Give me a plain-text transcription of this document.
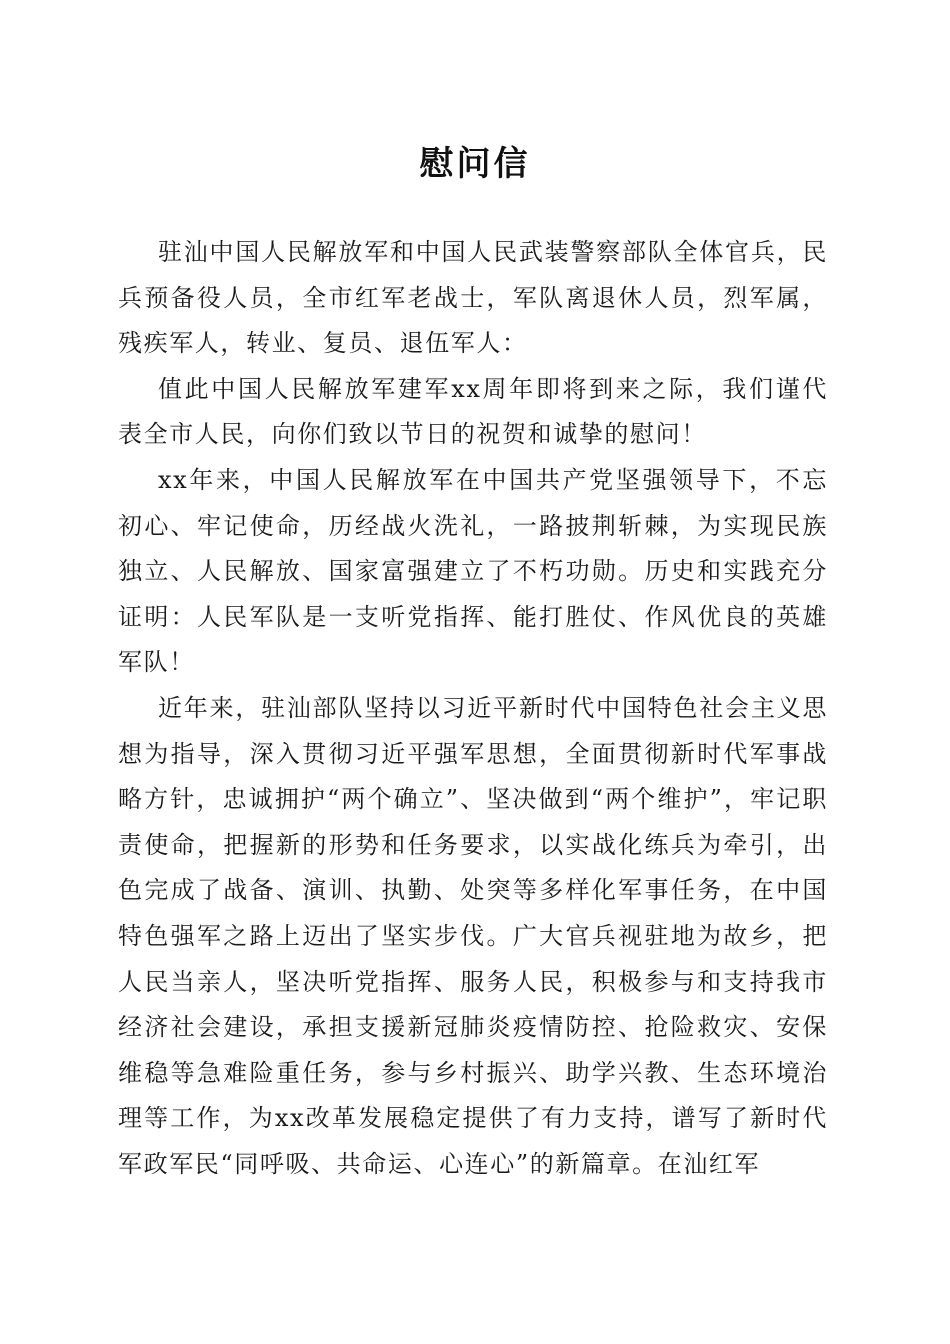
慰问信

驻汕中国人民解放军和中国人民武装警察部队全体官兵，民兵预备役人员，全市红军老战士，军队离退休人员，烈军属，残疾军人，转业、复员、退伍军人：

值此中国人民解放军建军xx周年即将到来之际，我们谨代表全市人民，向你们致以节日的祝贺和诚挚的慰问！

xx年来，中国人民解放军在中国共产党坚强领导下，不忘初心、牢记使命，历经战火洗礼，一路披荆斩棘，为实现民族独立、人民解放、国家富强建立了不朽功勋。历史和实践充分证明：人民军队是一支听党指挥、能打胜仗、作风优良的英雄军队！

近年来，驻汕部队坚持以习近平新时代中国特色社会主义思想为指导，深入贯彻习近平强军思想，全面贯彻新时代军事战略方针，忠诚拥护“两个确立”、坚决做到“两个维护”，牢记职责使命，把握新的形势和任务要求，以实战化练兵为牵引，出色完成了战备、演训、执勤、处突等多样化军事任务，在中国特色强军之路上迈出了坚实步伐。广大官兵视驻地为故乡，把人民当亲人，坚决听党指挥、服务人民，积极参与和支持我市经济社会建设，承担支援新冠肺炎疫情防控、抢险救灾、安保维稳等急难险重任务，参与乡村振兴、助学兴教、生态环境治理等工作，为xx改革发展稳定提供了有力支持，谱写了新时代军政军民“同呼吸、共命运、心连心”的新篇章。在汕红军
